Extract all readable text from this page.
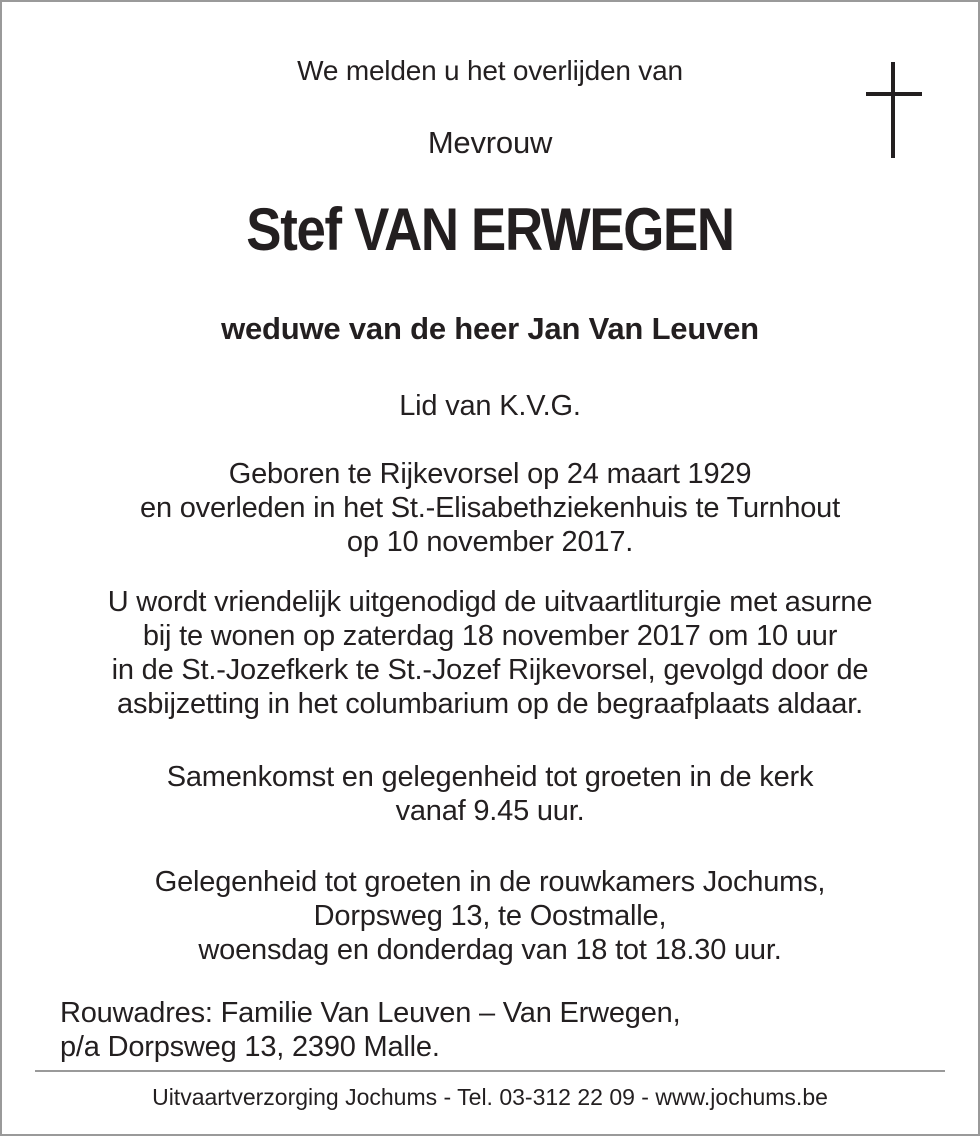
We melden u het overlijden van
Mevrouw
Stef VAN ERWEGEN
weduwe van de heer Jan Van Leuven
Lid van K.V.G.
Geboren te Rijkevorsel op 24 maart 1929
en overleden in het St.-Elisabethziekenhuis te Turnhout
op 10 november 2017.
U wordt vriendelijk uitgenodigd de uitvaartliturgie met asurne
bij te wonen op zaterdag 18 november 2017 om 10 uur
in de St.-Jozefkerk te St.-Jozef Rijkevorsel, gevolgd door de
asbijzetting in het columbarium op de begraafplaats aldaar.
Samenkomst en gelegenheid tot groeten in de kerk
vanaf 9.45 uur.
Gelegenheid tot groeten in de rouwkamers Jochums,
Dorpsweg 13, te Oostmalle,
woensdag en donderdag van 18 tot 18.30 uur.
Rouwadres: Familie Van Leuven – Van Erwegen,
p/a Dorpsweg 13, 2390 Malle.
Uitvaartverzorging Jochums - Tel. 03-312 22 09 - www.jochums.be
